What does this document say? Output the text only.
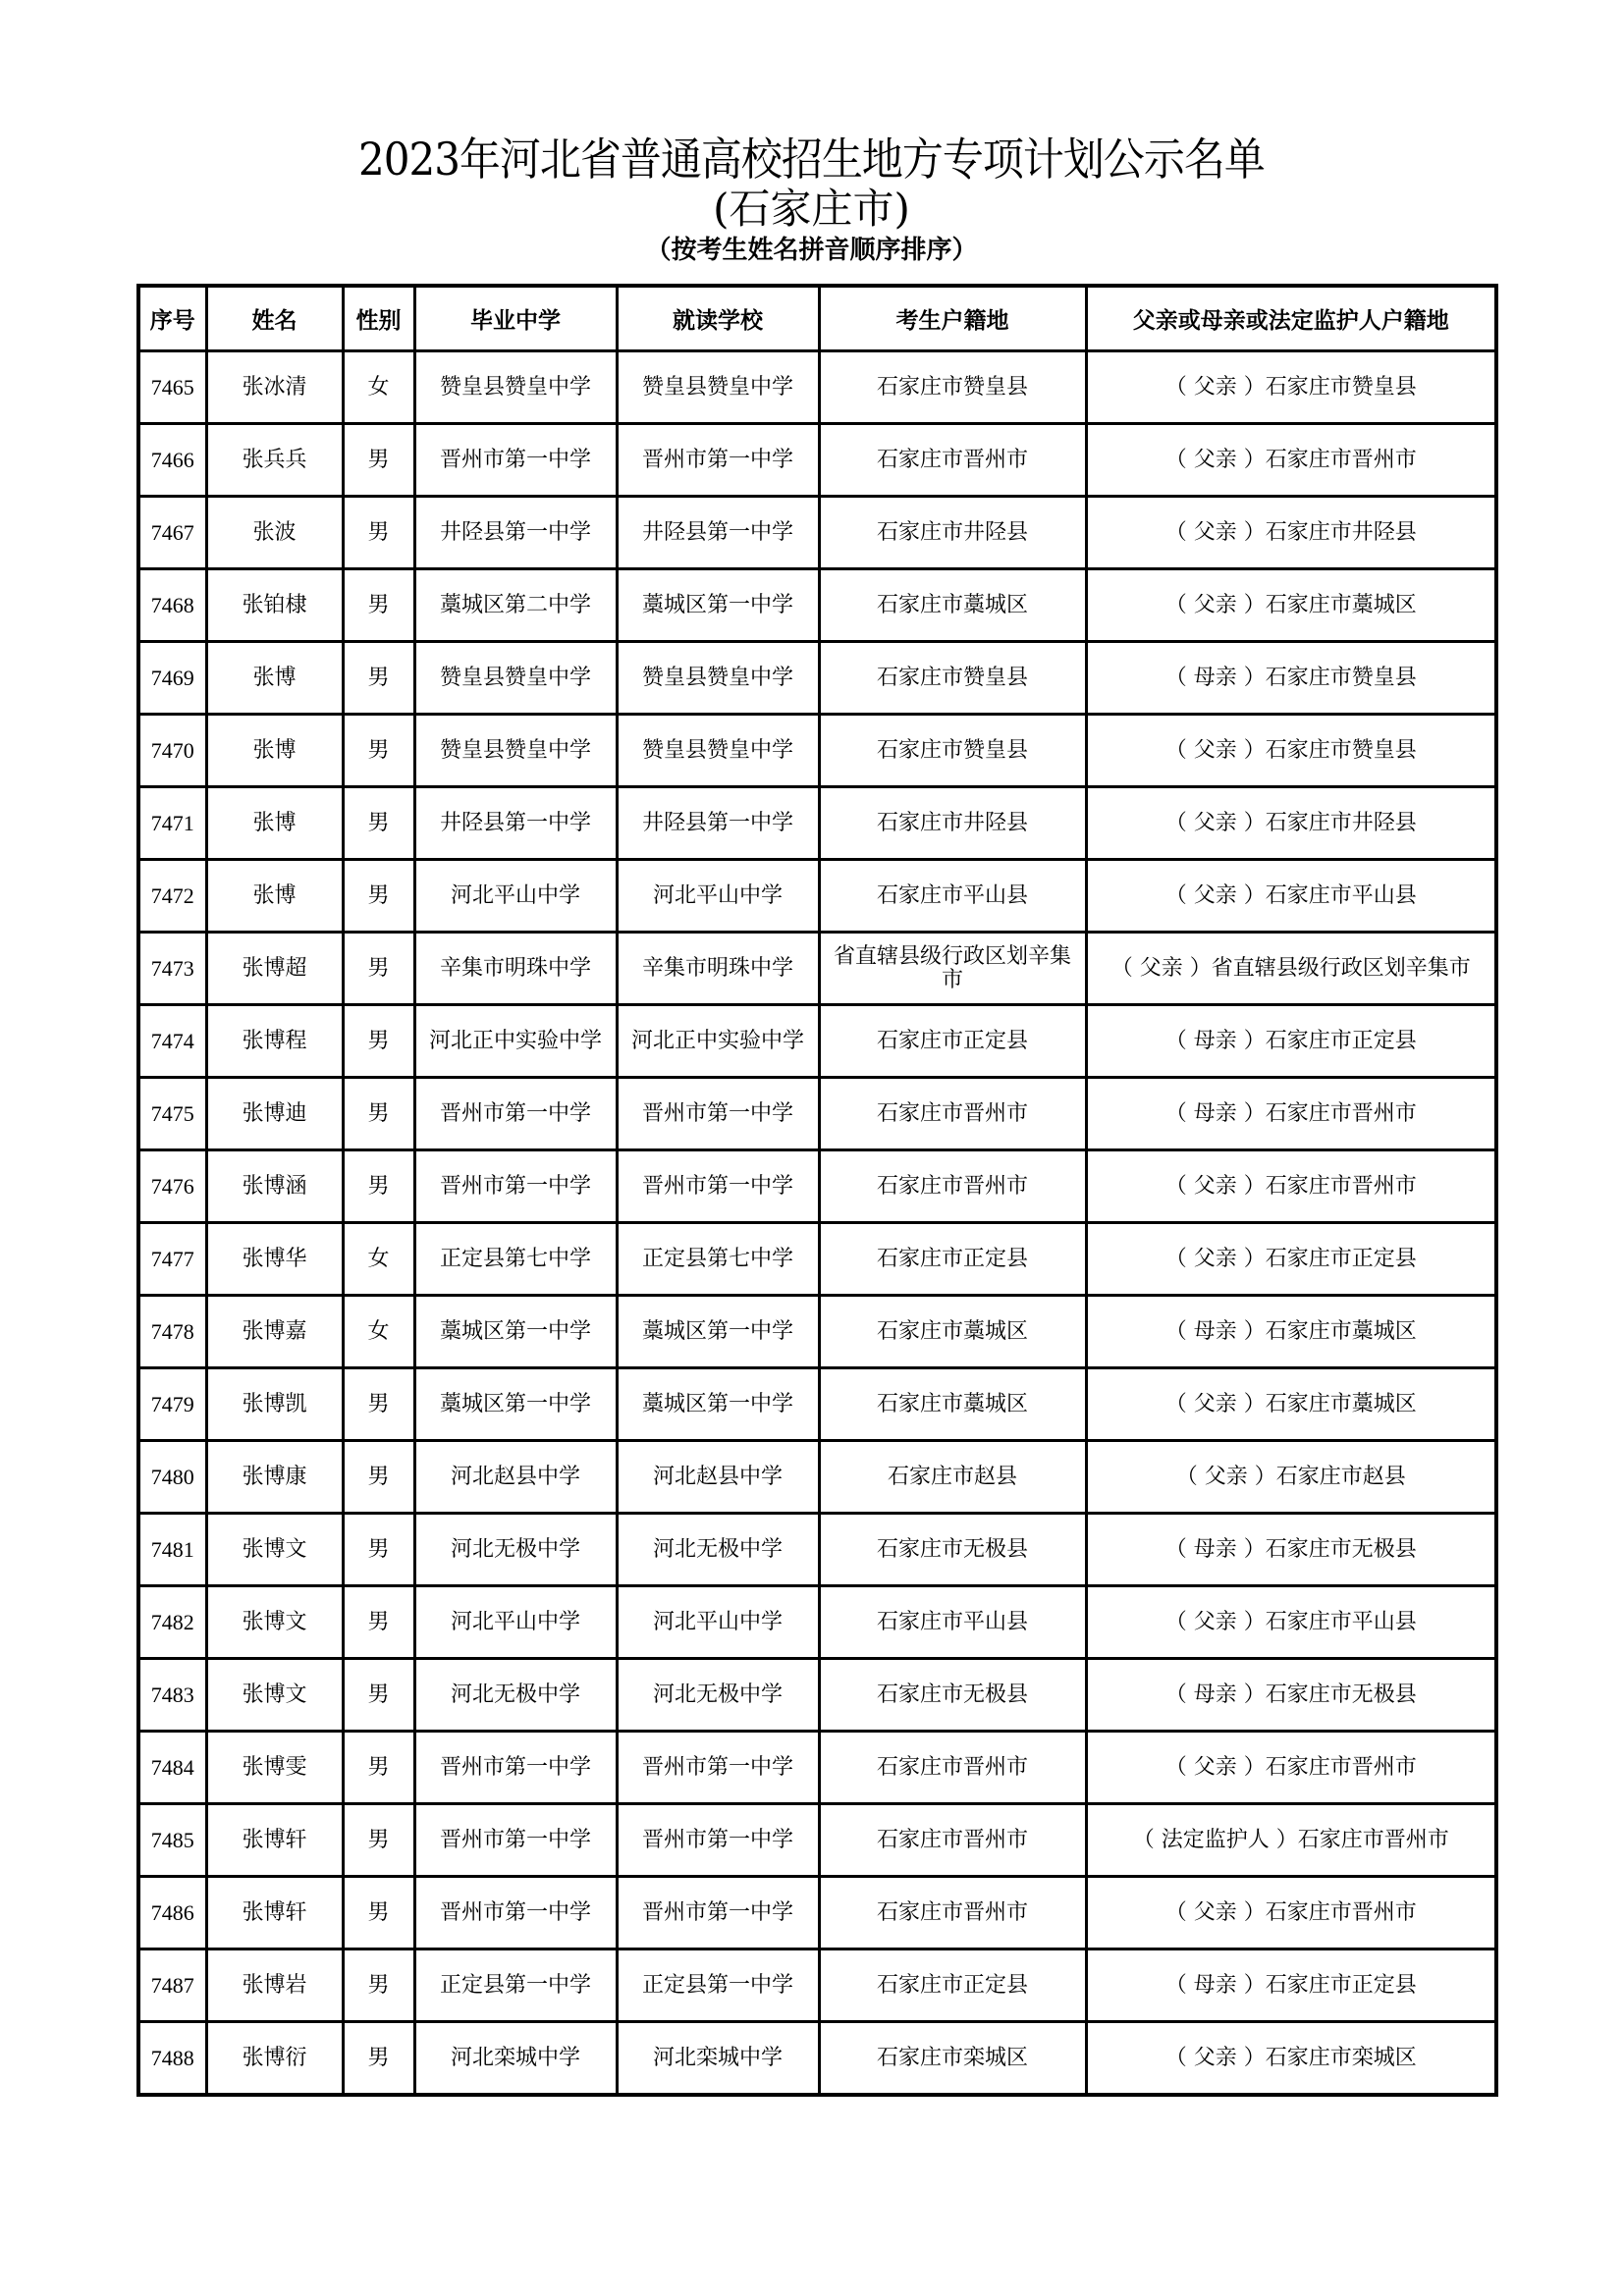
2023年河北省普通高校招生地方专项计划公示名单

(石家庄市)

（按考生姓名拼音顺序排序）

序号	姓名	性别	毕业中学	就读学校	考生户籍地	父亲或母亲或法定监护人户籍地
7465	张冰清	女	赞皇县赞皇中学	赞皇县赞皇中学	石家庄市赞皇县	（ 父亲 ）石家庄市赞皇县
7466	张兵兵	男	晋州市第一中学	晋州市第一中学	石家庄市晋州市	（ 父亲 ）石家庄市晋州市
7467	张波	男	井陉县第一中学	井陉县第一中学	石家庄市井陉县	（ 父亲 ）石家庄市井陉县
7468	张铂棣	男	藁城区第二中学	藁城区第一中学	石家庄市藁城区	（ 父亲 ）石家庄市藁城区
7469	张博	男	赞皇县赞皇中学	赞皇县赞皇中学	石家庄市赞皇县	（ 母亲 ）石家庄市赞皇县
7470	张博	男	赞皇县赞皇中学	赞皇县赞皇中学	石家庄市赞皇县	（ 父亲 ）石家庄市赞皇县
7471	张博	男	井陉县第一中学	井陉县第一中学	石家庄市井陉县	（ 父亲 ）石家庄市井陉县
7472	张博	男	河北平山中学	河北平山中学	石家庄市平山县	（ 父亲 ）石家庄市平山县
7473	张博超	男	辛集市明珠中学	辛集市明珠中学	省直辖县级行政区划辛集市	（ 父亲 ）省直辖县级行政区划辛集市
7474	张博程	男	河北正中实验中学	河北正中实验中学	石家庄市正定县	（ 母亲 ）石家庄市正定县
7475	张博迪	男	晋州市第一中学	晋州市第一中学	石家庄市晋州市	（ 母亲 ）石家庄市晋州市
7476	张博涵	男	晋州市第一中学	晋州市第一中学	石家庄市晋州市	（ 父亲 ）石家庄市晋州市
7477	张博华	女	正定县第七中学	正定县第七中学	石家庄市正定县	（ 父亲 ）石家庄市正定县
7478	张博嘉	女	藁城区第一中学	藁城区第一中学	石家庄市藁城区	（ 母亲 ）石家庄市藁城区
7479	张博凯	男	藁城区第一中学	藁城区第一中学	石家庄市藁城区	（ 父亲 ）石家庄市藁城区
7480	张博康	男	河北赵县中学	河北赵县中学	石家庄市赵县	（ 父亲 ）石家庄市赵县
7481	张博文	男	河北无极中学	河北无极中学	石家庄市无极县	（ 母亲 ）石家庄市无极县
7482	张博文	男	河北平山中学	河北平山中学	石家庄市平山县	（ 父亲 ）石家庄市平山县
7483	张博文	男	河北无极中学	河北无极中学	石家庄市无极县	（ 母亲 ）石家庄市无极县
7484	张博雯	男	晋州市第一中学	晋州市第一中学	石家庄市晋州市	（ 父亲 ）石家庄市晋州市
7485	张博轩	男	晋州市第一中学	晋州市第一中学	石家庄市晋州市	（ 法定监护人 ）石家庄市晋州市
7486	张博轩	男	晋州市第一中学	晋州市第一中学	石家庄市晋州市	（ 父亲 ）石家庄市晋州市
7487	张博岩	男	正定县第一中学	正定县第一中学	石家庄市正定县	（ 母亲 ）石家庄市正定县
7488	张博衍	男	河北栾城中学	河北栾城中学	石家庄市栾城区	（ 父亲 ）石家庄市栾城区
